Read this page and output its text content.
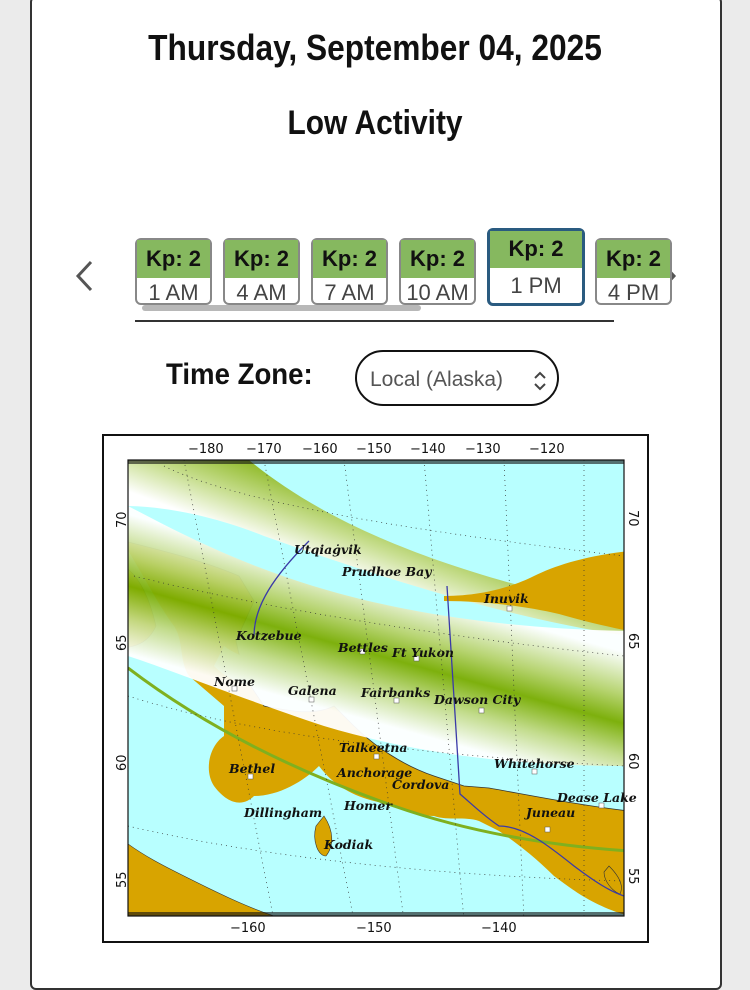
Thursday, September 04, 2025
Low Activity
Kp: 2
1 AM
Kp: 2
4 AM
Kp: 2
7 AM
Kp: 2
10 AM
Kp: 2
1 PM
Kp: 2
4 PM
Time Zone:	Local (Alaska)
Utqiaġvik
Prudhoe Bay
Inuvik
Kotzebue
Bettles Ft Yukon
Nome
Galena Fairbanks Dawson City
Talkeetna
Bethel	Anchorage
Cordova
Whitehorse
Dease Lake
Homer
Dillingham	Juneau
Kodiak
−180 −170 −160 −150 −140 −130 −120
−160	−150	−140
70
65
60
55
70
65
60
55
